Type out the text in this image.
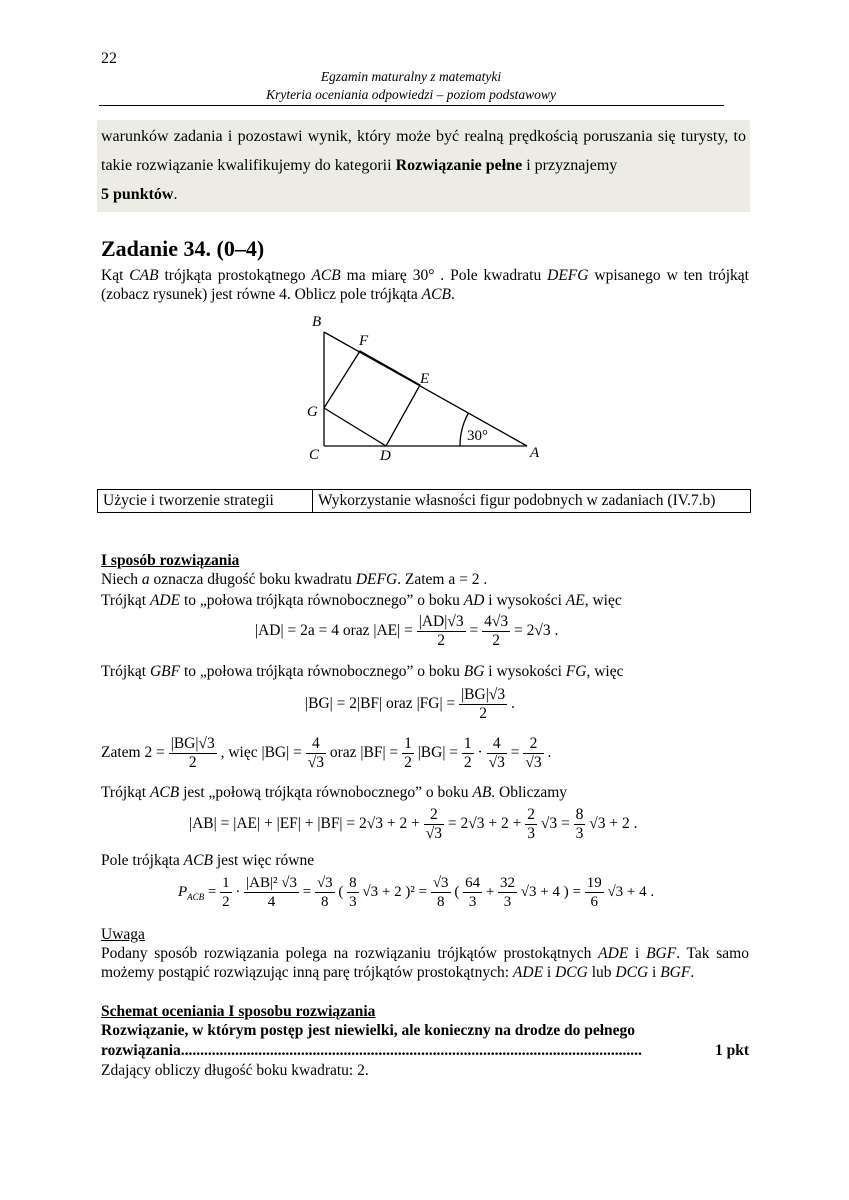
22
Egzamin maturalny z matematyki
Kryteria oceniania odpowiedzi – poziom podstawowy

warunków zadania i pozostawi wynik, który może być realną prędkością poruszania się turysty, to takie rozwiązanie kwalifikujemy do kategorii Rozwiązanie pełne i przyznajemy
5 punktów.

Zadanie 34. (0–4)
Kąt CAB trójkąta prostokątnego ACB ma miarę 30° . Pole kwadratu DEFG wpisanego w ten trójkąt (zobacz rysunek) jest równe 4. Oblicz pole trójkąta ACB.
B
F
E
G
C	D	A
30°
Użycie i tworzenie strategii	Wykorzystanie własności figur podobnych w zadaniach (IV.7.b)
I sposób rozwiązania
Niech a oznacza długość boku kwadratu DEFG. Zatem a = 2 .
Trójkąt ADE to „połowa trójkąta równobocznego” o boku AD i wysokości AE, więc
|AD| = 2a = 4 oraz $|AE| = \frac{|AD|√3}{2} = \frac{4√3}{2} = 2√3$ .
Trójkąt GBF to „połowa trójkąta równobocznego” o boku BG i wysokości FG, więc
|BG| = 2|BF| oraz $|FG| = \frac{|BG|√3}{2}$ .
Zatem $2 = \frac{|BG|√3}{2}$ , więc $|BG| = \frac{4}{√3}$ oraz $|BF| = \frac{1}{2} |BG| = \frac{1}{2} \cdot \frac{4}{√3} = \frac{2}{√3}$ .
Trójkąt ACB jest „połową trójkąta równobocznego” o boku AB. Obliczamy
$|AB| = |AE| + |EF| + |BF| = 2√3 + 2 + \frac{2}{√3} = 2√3 + 2 + \frac{2}{3} √3 = \frac{8}{3} √3 + 2$ .
Pole trójkąta ACB jest więc równe
$P_{ACB} = \frac{1}{2} \cdot \frac{\text{|AB|² √3}}{4} = \frac{√3}{8}$ ( $\frac{8}{3} √3 + 2$ )$^2 = \frac{√3}{8}$ ( $\frac{64}{3} + \frac{32}{3} √3 + 4$ ) = $\frac{19}{6} √3 + 4$ .
Uwaga
Podany sposób rozwiązania polega na rozwiązaniu trójkątów prostokątnych ADE i BGF. Tak samo możemy postąpić rozwiązując inną parę trójkątów prostokątnych: ADE i DCG lub DCG i BGF.
Schemat oceniania I sposobu rozwiązania
Rozwiązanie, w którym postęp jest niewielki, ale konieczny na drodze do pełnego
rozwiązania .......................................................................................................................	1 pkt
Zdający obliczy długość boku kwadratu: 2.
